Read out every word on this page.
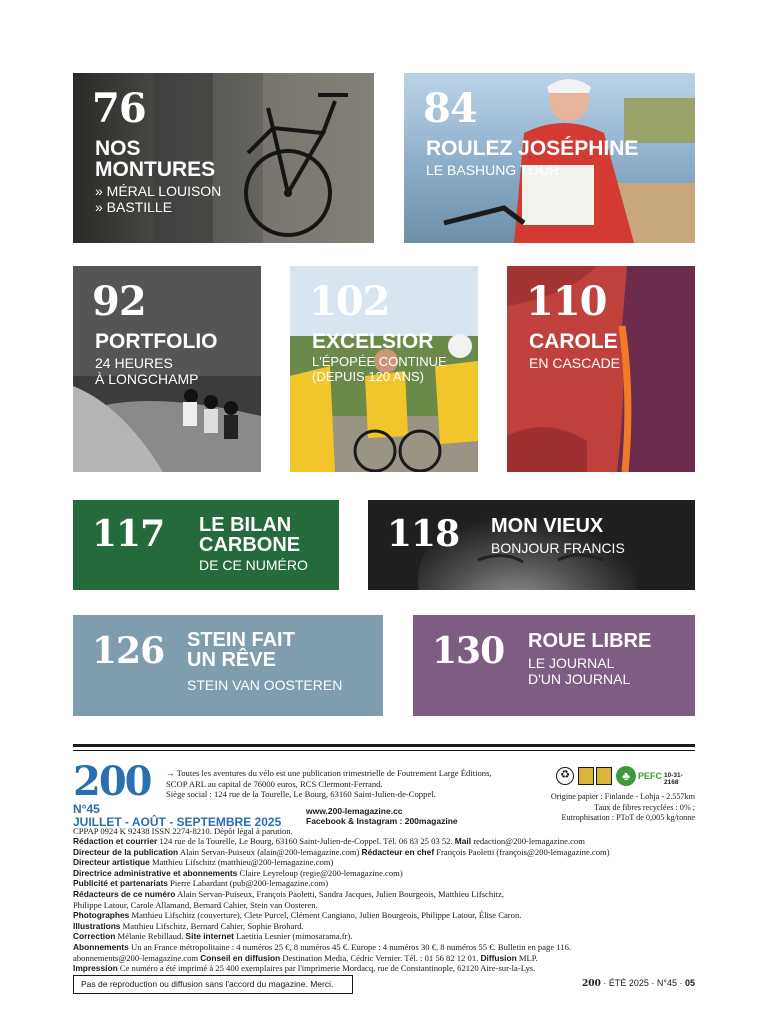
76
NOS
MONTURES
» MÉRAL LOUISON
» BASTILLE
84
ROULEZ JOSÉPHINE
LE BASHUNG TOUR
92
PORTFOLIO
24 HEURES
À LONGCHAMP
102
EXCELSIOR
L'ÉPOPÉE CONTINUE
(DEPUIS 120 ANS)
110
CAROLE
EN CASCADE
117 LE BILAN
CARBONE
DE CE NUMÉRO
118 MON VIEUX
BONJOUR FRANCIS
126 STEIN FAIT
UN RÊVE
STEIN VAN OOSTEREN
130 ROUE LIBRE
LE JOURNAL
D'UN JOURNAL
200 → Toutes les aventures du vélo est une publication trimestrielle de Foutrement Large Éditions,
SCOP ARL au capital de 76000 euros, RCS Clermont-Ferrand.
Siège social : 124 rue de la Tourelle, Le Bourg, 63160 Saint-Julien-de-Coppel.
N°45
JUILLET - AOÛT - SEPTEMBRE 2025
www.200-lemagazine.cc
Facebook & Instagram : 200magazine
♻	♣ PEFC 10-31-2168
Origine papier : Finlande - Lohja - 2.557km
Taux de fibres recyclées : 0% ;
Eutrophisation : PToT de 0,005 kg/tonne
CPPAP 0924 K 92438 ISSN 2274-8210. Dépôt légal à parution.
Rédaction et courrier 124 rue de la Tourelle, Le Bourg, 63160 Saint-Julien-de-Coppel. Tél. 06 83 25 03 52. Mail redaction@200-lemagazine.com
Directeur de la publication Alain Servan-Puiseux (alain@200-lemagazine.com) Rédacteur en chef François Paoletti (françois@200-lemagazine.com)
Directeur artistique Matthieu Lifschitz (matthieu@200-lemagazine.com)
Directrice administrative et abonnements Claire Leyreloup (regie@200-lemagazine.com)
Publicité et partenariats Pierre Labardant (pub@200-lemagazine.com)
Rédacteurs de ce numéro Alain Servan-Puiseux, François Paoletti, Sandra Jacques, Julien Bourgeois, Matthieu Lifschitz,
Philippe Latour, Carole Allamand, Bernard Cahier, Stein van Oosteren.
Photographes Matthieu Lifschitz (couverture), Clete Purcel, Clément Cangiano, Julien Bourgeois, Philippe Latour, Élise Caron.
Illustrations Matthieu Lifschitz, Bernard Cahier, Sophie Brohard.
Correction Mélanie Rebillaud. Site internet Laetitia Lesnier (mimosarama.fr).
Abonnements Un an France métropolitaine : 4 numéros 25 €, 8 numéros 45 €. Europe : 4 numéros 30 €, 8 numéros 55 €. Bulletin en page 116.
abonnements@200-lemagazine.com Conseil en diffusion Destination Media, Cédric Vernier. Tél. : 01 56 82 12 01. Diffusion MLP.
Impression Ce numéro a été imprimé à 25 400 exemplaires par l'imprimerie Mordacq, rue de Constantinople, 62120 Aire-sur-la-Lys.
Pas de reproduction ou diffusion sans l'accord du magazine. Merci.	200 · ÉTÉ 2025 · N°45 · 05
